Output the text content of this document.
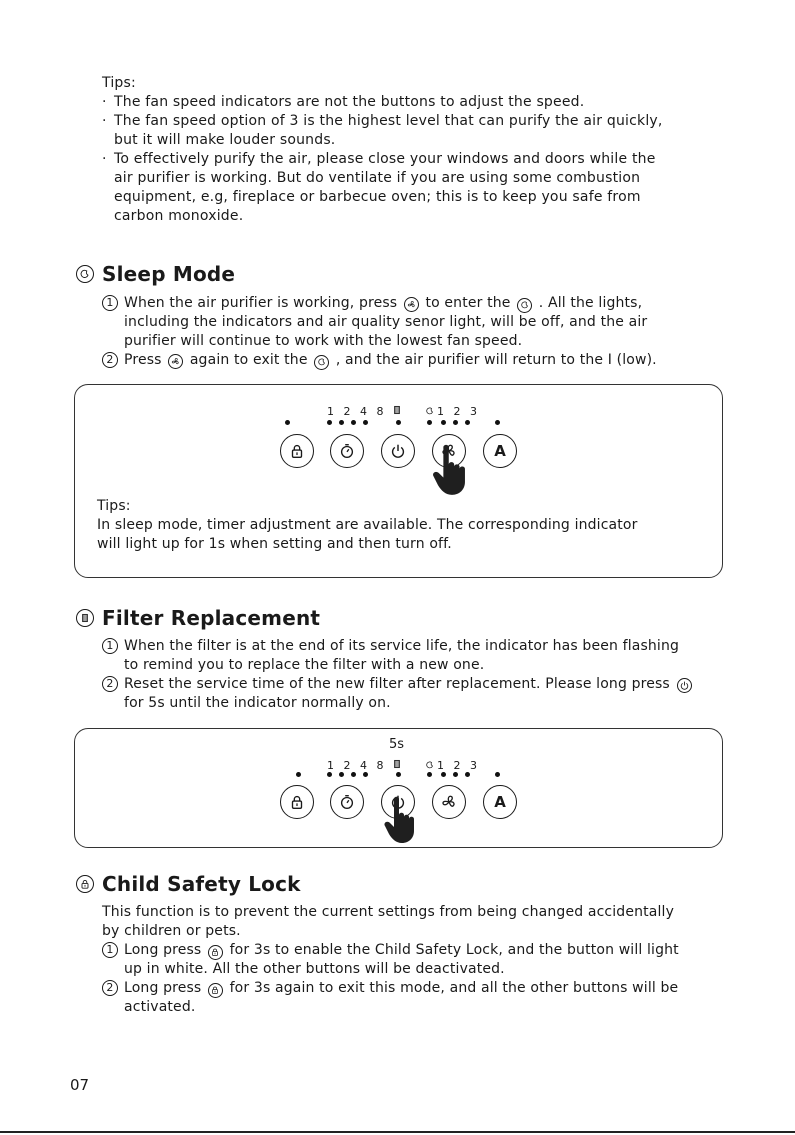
Tips:
· The fan speed indicators are not the buttons to adjust the speed.
· The fan speed option of 3 is the highest level that can purify the air quickly,
but it will make louder sounds.
· To effectively purify the air, please close your windows and doors while the
air purifier is working. But do ventilate if you are using some combustion
equipment, e.g, fireplace or barbecue oven; this is to keep you safe from
carbon monoxide.
Sleep Mode
1 When the air purifier is working, press to enter the . All the lights,
including the indicators and air quality senor light, will be off, and the air
purifier will continue to work with the lowest fan speed.
2 Press again to exit the , and the air purifier will return to the I (low).
1 2 4 8	1 2 3
A
Tips:
In sleep mode, timer adjustment are available. The corresponding indicator
will light up for 1s when setting and then turn off.
Filter Replacement
1 When the filter is at the end of its service life, the indicator has been flashing
to remind you to replace the filter with a new one.
2 Reset the service time of the new filter after replacement. Please long press
for 5s until the indicator normally on.
5s
1 2 4 8	1 2 3
A
Child Safety Lock
This function is to prevent the current settings from being changed accidentally
by children or pets.
1 Long press for 3s to enable the Child Safety Lock, and the button will light
up in white. All the other buttons will be deactivated.
2 Long press for 3s again to exit this mode, and all the other buttons will be
activated.
07
